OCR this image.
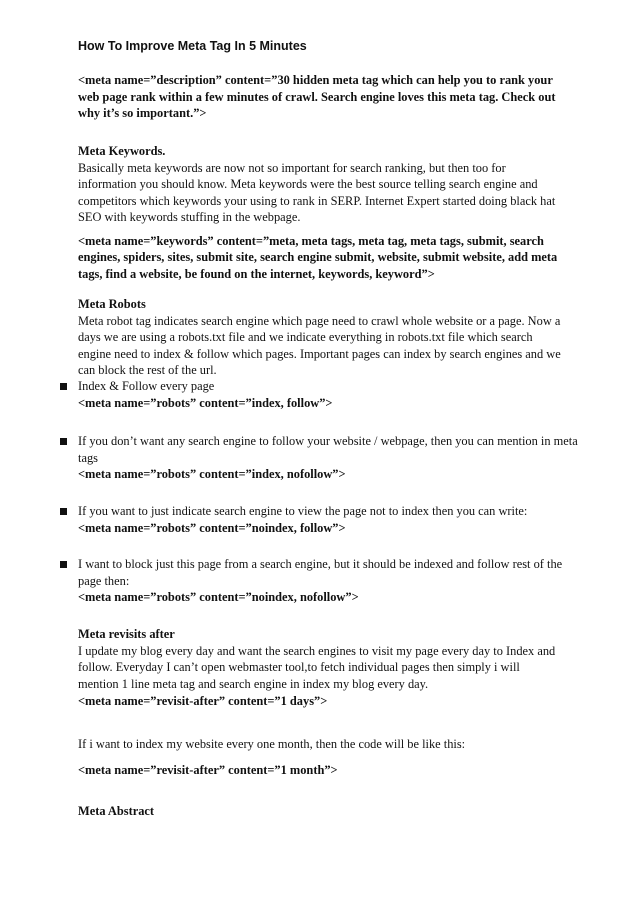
How To Improve Meta Tag In 5 Minutes
<meta name=”description” content=”30 hidden meta tag which can help you to rank your
web page rank within a few minutes of crawl. Search engine loves this meta tag. Check out
why it’s so important.”>
Meta Keywords.
Basically meta keywords are now not so important for search ranking, but then too for
information you should know. Meta keywords were the best source telling search engine and
competitors which keywords your using to rank in SERP. Internet Expert started doing black hat
SEO with keywords stuffing in the webpage.
<meta name=”keywords” content=”meta, meta tags, meta tag, meta tags, submit, search
engines, spiders, sites, submit site, search engine submit, website, submit website, add meta
tags, find a website, be found on the internet, keywords, keyword”>
Meta Robots
Meta robot tag indicates search engine which page need to crawl whole website or a page. Now a
days we are using a robots.txt file and we indicate everything in robots.txt file which search
engine need to index & follow which pages. Important pages can index by search engines and we
can block the rest of the url.
Index & Follow every page
<meta name=”robots” content=”index, follow”>
If you don’t want any search engine to follow your website / webpage, then you can mention in meta
tags
<meta name=”robots” content=”index, nofollow”>
If you want to just indicate search engine to view the page not to index then you can write:
<meta name=”robots” content=”noindex, follow”>
I want to block just this page from a search engine, but it should be indexed and follow rest of the
page then:
<meta name=”robots” content=”noindex, nofollow”>
Meta revisits after
I update my blog every day and want the search engines to visit my page every day to Index and
follow. Everyday I can’t open webmaster tool,to fetch individual pages then simply i will
mention 1 line meta tag and search engine in index my blog every day.
<meta name=”revisit-after” content=”1 days”>
If i want to index my website every one month, then the code will be like this:
<meta name=”revisit-after” content=”1 month”>
Meta Abstract
